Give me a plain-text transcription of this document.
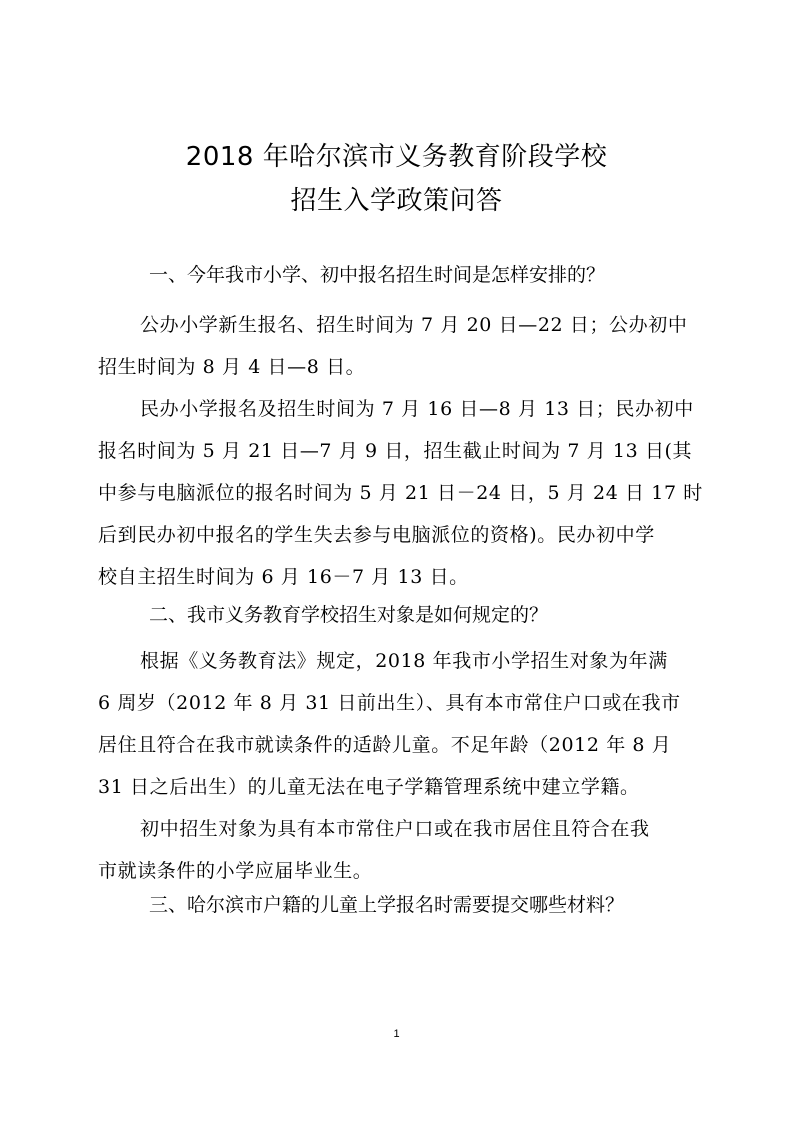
2018 年哈尔滨市义务教育阶段学校
招生入学政策问答
一、今年我市小学、初中报名招生时间是怎样安排的？
公办小学新生报名、招生时间为 7 月 20 日—22 日；公办初中
招生时间为 8 月 4 日—8 日。
民办小学报名及招生时间为 7 月 16 日—8 月 13 日；民办初中
报名时间为 5 月 21 日—7 月 9 日，招生截止时间为 7 月 13 日(其
中参与电脑派位的报名时间为 5 月 21 日－24 日，5 月 24 日 17 时
后到民办初中报名的学生失去参与电脑派位的资格)。民办初中学
校自主招生时间为 6 月 16－7 月 13 日。
二、我市义务教育学校招生对象是如何规定的？
根据《义务教育法》规定，2018 年我市小学招生对象为年满
6 周岁（2012 年 8 月 31 日前出生）、具有本市常住户口或在我市
居住且符合在我市就读条件的适龄儿童。不足年龄（2012 年 8 月
31 日之后出生）的儿童无法在电子学籍管理系统中建立学籍。
初中招生对象为具有本市常住户口或在我市居住且符合在我
市就读条件的小学应届毕业生。
三、哈尔滨市户籍的儿童上学报名时需要提交哪些材料？
1
